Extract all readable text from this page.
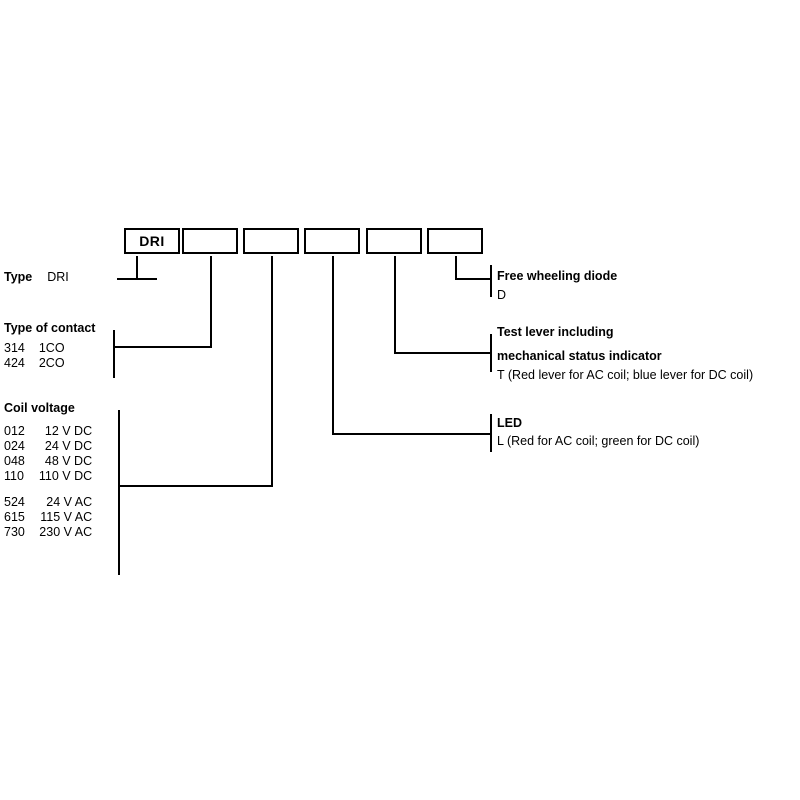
DRI
Type DRI
Type of contact
314	1CO
424	2CO
Coil voltage
012	12 V DC
024	24 V DC
048	48 V DC
110	110 V DC

524	24 V AC
615	115 V AC
730	230 V AC
Free wheeling diode
D
Test lever including
mechanical status indicator
T (Red lever for AC coil; blue lever for DC coil)
LED
L (Red for AC coil; green for DC coil)
